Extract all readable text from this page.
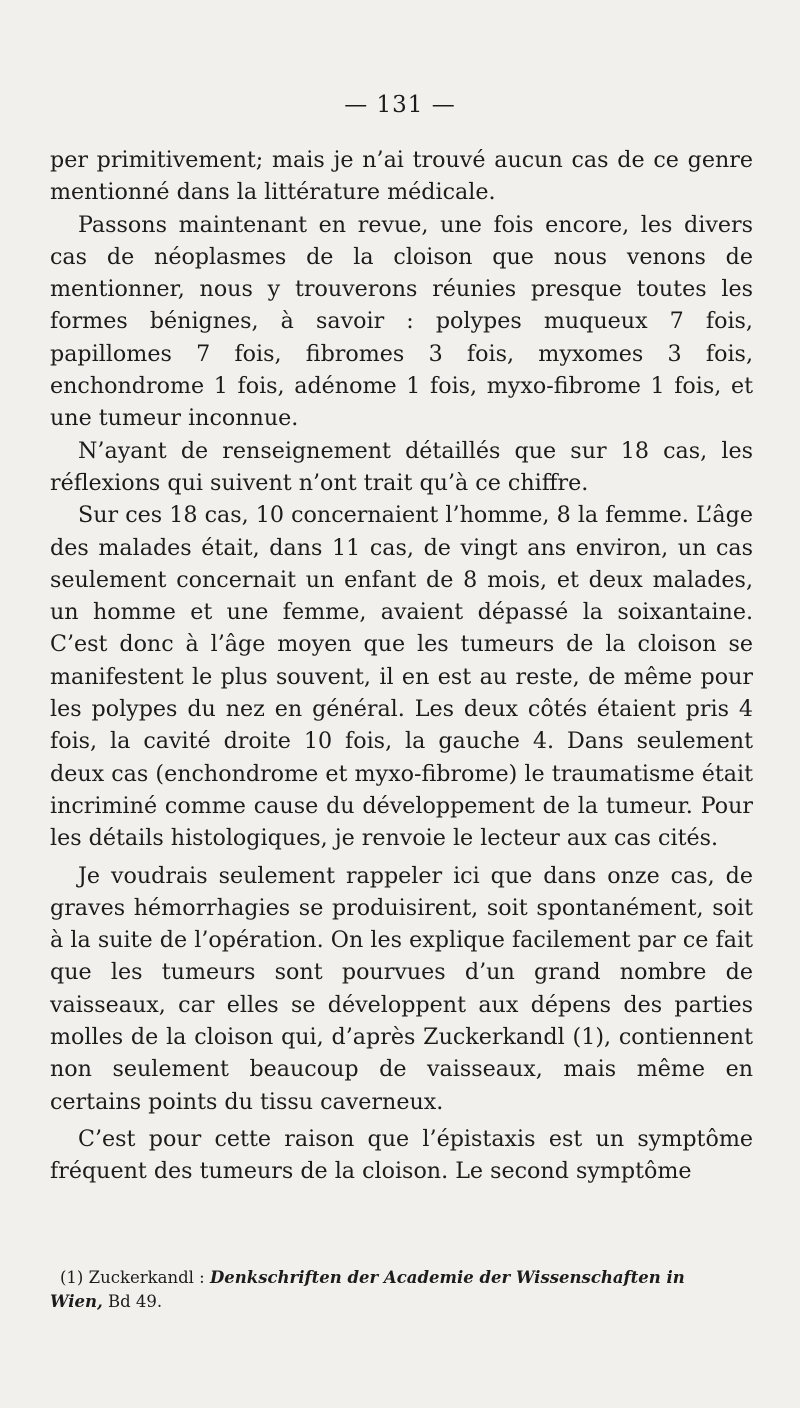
— 131 —

per primitivement; mais je n’ai trouvé aucun cas de ce genre mentionné dans la littérature médicale.

Passons maintenant en revue, une fois encore, les divers cas de néoplasmes de la cloison que nous venons de mentionner, nous y trouverons réunies presque toutes les formes bénignes, à savoir : polypes muqueux 7 fois, papillomes 7 fois, fibromes 3 fois, myxomes 3 fois, enchondrome 1 fois, adénome 1 fois, myxo-fibrome 1 fois, et une tumeur inconnue.

N’ayant de renseignement détaillés que sur 18 cas, les réflexions qui suivent n’ont trait qu’à ce chiffre.

Sur ces 18 cas, 10 concernaient l’homme, 8 la femme. L’âge des malades était, dans 11 cas, de vingt ans environ, un cas seulement concernait un enfant de 8 mois, et deux malades, un homme et une femme, avaient dépassé la soixantaine. C’est donc à l’âge moyen que les tumeurs de la cloison se manifestent le plus souvent, il en est au reste, de même pour les polypes du nez en général. Les deux côtés étaient pris 4 fois, la cavité droite 10 fois, la gauche 4. Dans seulement deux cas (enchondrome et myxo-fibrome) le traumatisme était incriminé comme cause du développement de la tumeur. Pour les détails histologiques, je renvoie le lecteur aux cas cités.

Je voudrais seulement rappeler ici que dans onze cas, de graves hémorrhagies se produisirent, soit spontanément, soit à la suite de l’opération. On les explique facilement par ce fait que les tumeurs sont pourvues d’un grand nombre de vaisseaux, car elles se développent aux dépens des parties molles de la cloison qui, d’après Zuckerkandl (1), contiennent non seulement beaucoup de vaisseaux, mais même en certains points du tissu caverneux.

C’est pour cette raison que l’épistaxis est un symptôme fréquent des tumeurs de la cloison. Le second symptôme

(1) Zuckerkandl : Denkschriften der Academie der Wissenschaften in
Wien, Bd 49.
